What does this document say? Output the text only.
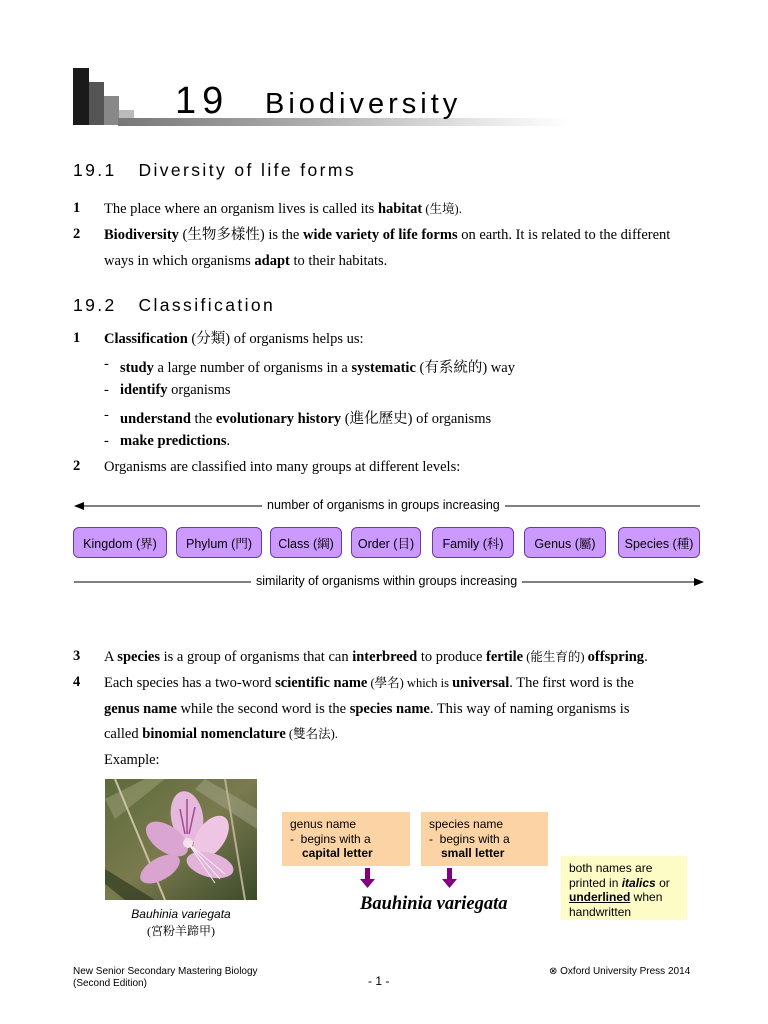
19 Biodiversity
19.1   Diversity of life forms
1 The place where an organism lives is called its habitat (生境).
2 Biodiversity (生物多樣性) is the wide variety of life forms on earth. It is related to the different
ways in which organisms adapt to their habitats.
19.2   Classification
1 Classification (分類) of organisms helps us:
- study a large number of organisms in a systematic (有系統的) way
- identify organisms
- understand the evolutionary history (進化歷史) of organisms
- make predictions.
2 Organisms are classified into many groups at different levels:
number of organisms in groups increasing
similarity of organisms within groups increasing
Kingdom (界)	Phylum (門)	Class (綱)	Order (目)	Family (科)	Genus (屬)	Species (種)
3 A species is a group of organisms that can interbreed to produce fertile (能生育的) offspring.
4 Each species has a two-word scientific name (學名) which is universal. The first word is the
genus name while the second word is the species name. This way of naming organisms is
called binomial nomenclature (雙名法).
Example:
Bauhinia variegata
(宮粉羊蹄甲)
genus name
-  begins with a
capital letter
species name
-  begins with a
small letter
Bauhinia variegata
both names are
printed in italics or
underlined when
handwritten
New Senior Secondary Mastering Biology
(Second Edition)	- 1 -
⊗ Oxford University Press 2014
